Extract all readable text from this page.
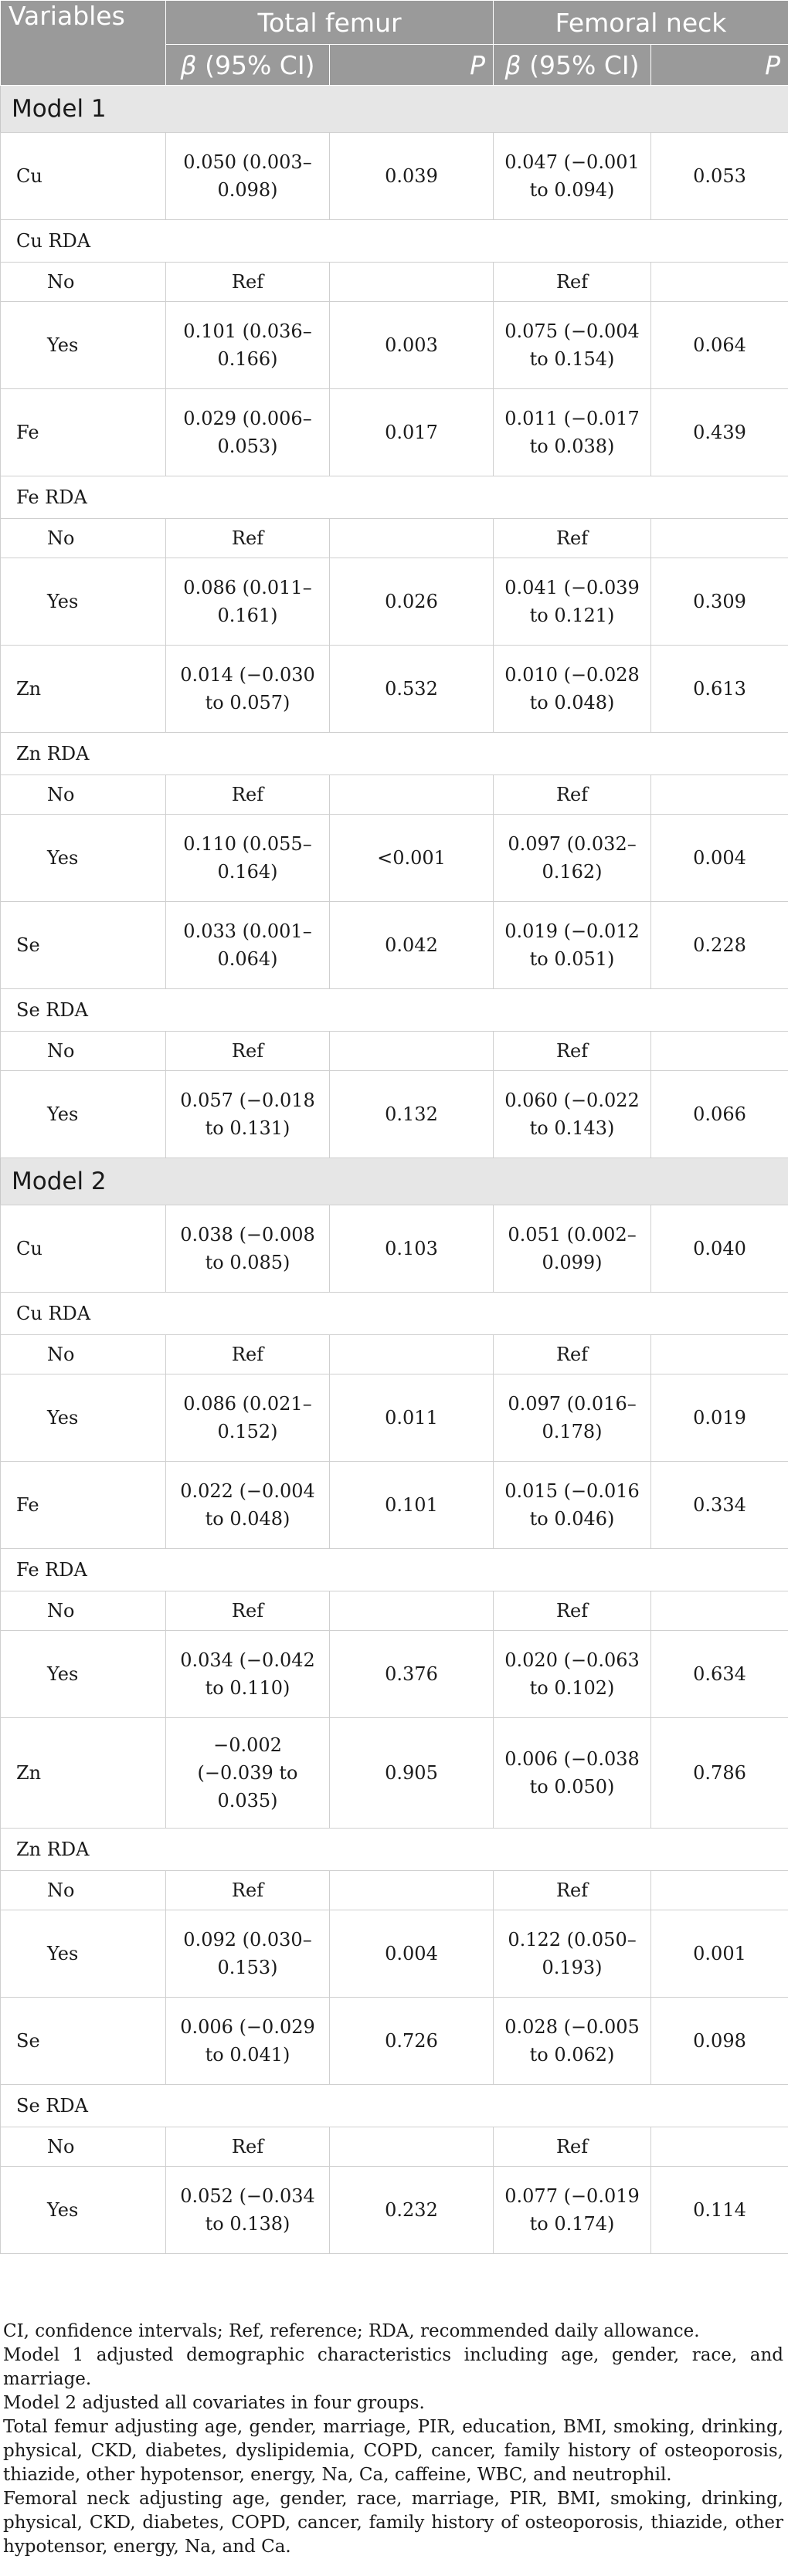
Variables	Total femur		Femoral neck	
	β (95% CI)	P	β (95% CI)	P
Model 1				
Cu	0.050 (0.003–0.098)	0.039	0.047 (−0.001 to 0.094)	0.053
Cu RDA				
No	Ref		Ref	
Yes	0.101 (0.036–0.166)	0.003	0.075 (−0.004 to 0.154)	0.064
Fe	0.029 (0.006–0.053)	0.017	0.011 (−0.017 to 0.038)	0.439
Fe RDA				
No	Ref		Ref	
Yes	0.086 (0.011–0.161)	0.026	0.041 (−0.039 to 0.121)	0.309
Zn	0.014 (−0.030 to 0.057)	0.532	0.010 (−0.028 to 0.048)	0.613
Zn RDA				
No	Ref		Ref	
Yes	0.110 (0.055–0.164)	<0.001	0.097 (0.032–0.162)	0.004
Se	0.033 (0.001–0.064)	0.042	0.019 (−0.012 to 0.051)	0.228
Se RDA				
No	Ref		Ref	
Yes	0.057 (−0.018 to 0.131)	0.132	0.060 (−0.022 to 0.143)	0.066
Model 2				
Cu	0.038 (−0.008 to 0.085)	0.103	0.051 (0.002–0.099)	0.040
Cu RDA				
No	Ref		Ref	
Yes	0.086 (0.021–0.152)	0.011	0.097 (0.016–0.178)	0.019
Fe	0.022 (−0.004 to 0.048)	0.101	0.015 (−0.016 to 0.046)	0.334
Fe RDA				
No	Ref		Ref	
Yes	0.034 (−0.042 to 0.110)	0.376	0.020 (−0.063 to 0.102)	0.634
Zn	−0.002 (−0.039 to 0.035)	0.905	0.006 (−0.038 to 0.050)	0.786
Zn RDA				
No	Ref		Ref	
Yes	0.092 (0.030–0.153)	0.004	0.122 (0.050–0.193)	0.001
Se	0.006 (−0.029 to 0.041)	0.726	0.028 (−0.005 to 0.062)	0.098
Se RDA				
No	Ref		Ref	
Yes	0.052 (−0.034 to 0.138)	0.232	0.077 (−0.019 to 0.174)	0.114

CI, confidence intervals; Ref, reference; RDA, recommended daily allowance.

Model 1 adjusted demographic characteristics including age, gender, race, and marriage.

Model 2 adjusted all covariates in four groups.

Total femur adjusting age, gender, marriage, PIR, education, BMI, smoking, drinking, physical, CKD, diabetes, dyslipidemia, COPD, cancer, family history of osteoporosis, thiazide, other hypotensor, energy, Na, Ca, caffeine, WBC, and neutrophil.

Femoral neck adjusting age, gender, race, marriage, PIR, BMI, smoking, drinking, physical, CKD, diabetes, COPD, cancer, family history of osteoporosis, thiazide, other hypotensor, energy, Na, and Ca.
